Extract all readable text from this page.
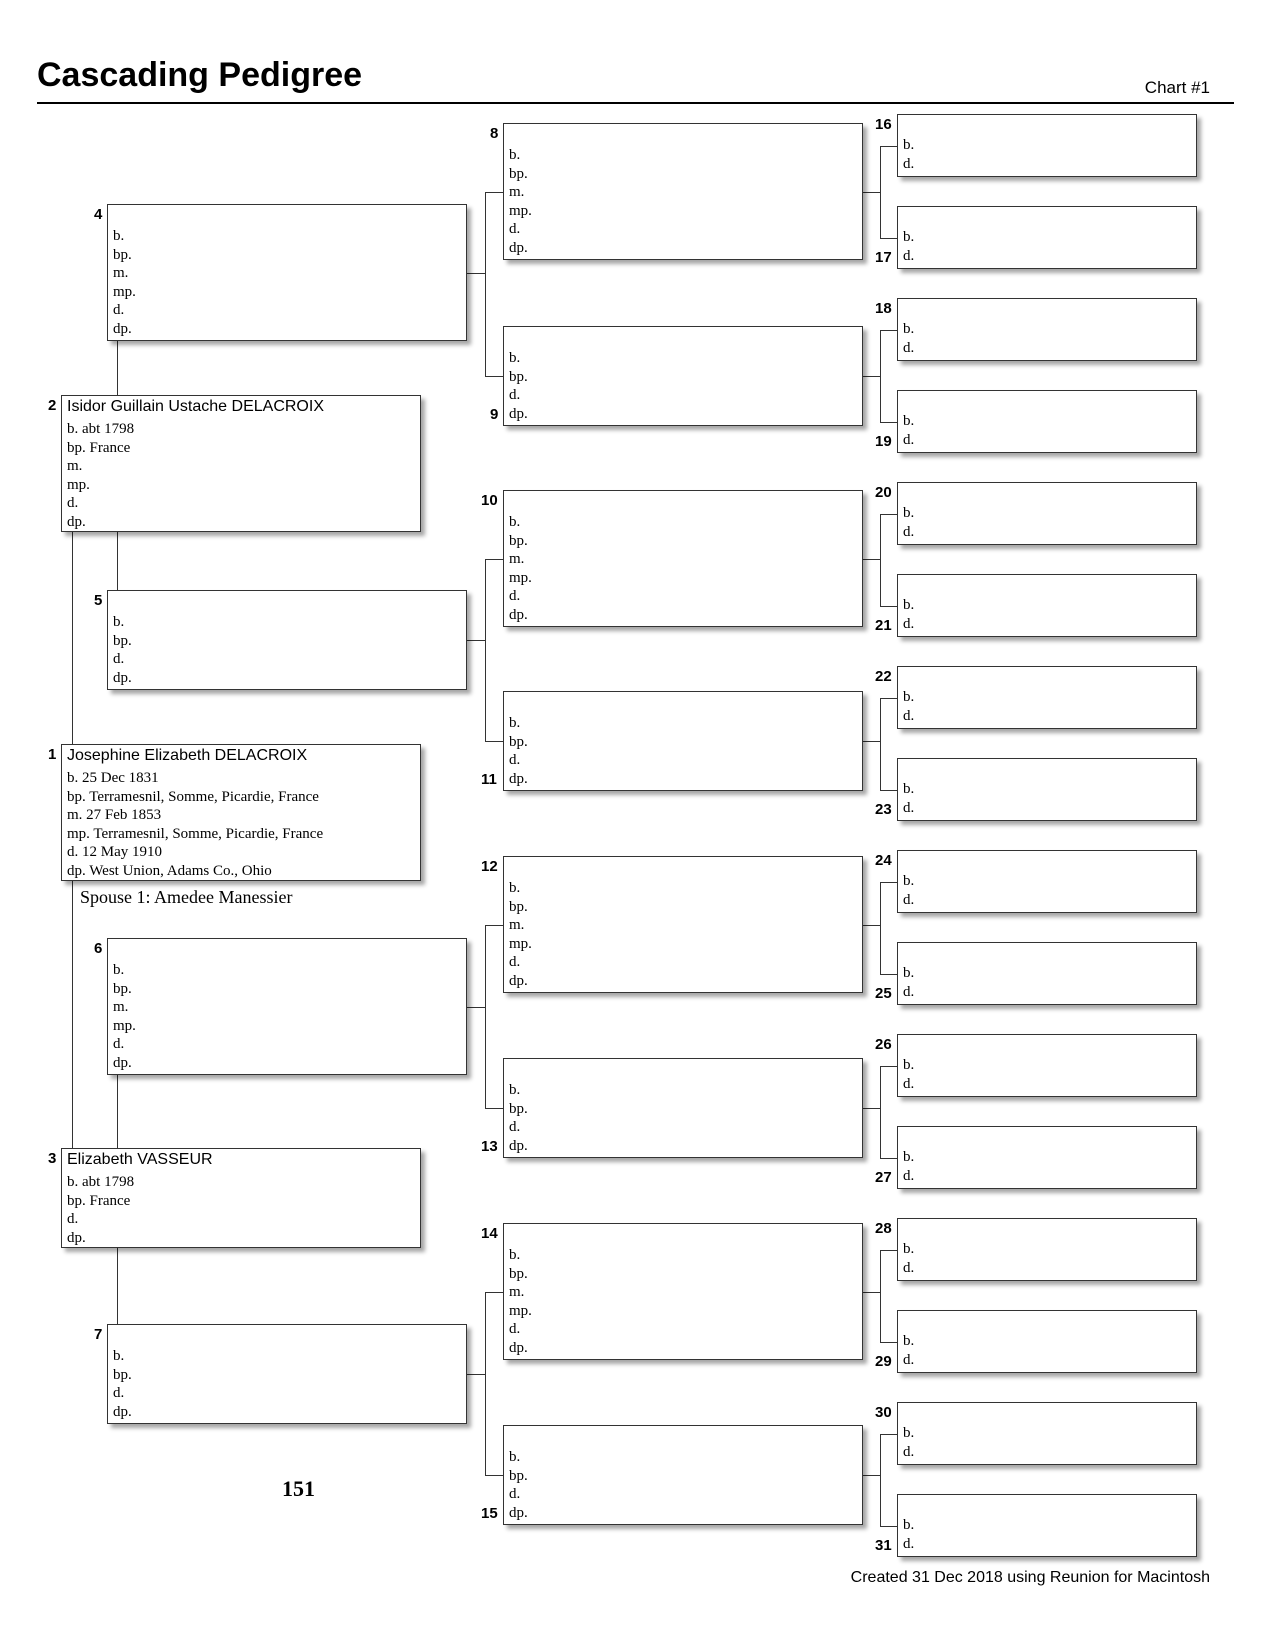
Cascading Pedigree	Chart #1
Josephine Elizabeth DELACROIX
b. 25 Dec 1831
bp. Terramesnil, Somme, Picardie, France
m. 27 Feb 1853
mp. Terramesnil, Somme, Picardie, France
d. 12 May 1910
dp. West Union, Adams Co., Ohio
1
Isidor Guillain Ustache DELACROIX
b. abt 1798
bp. France
m.
mp.
d.
dp.
2
Elizabeth VASSEUR
b. abt 1798
bp. France
d.
dp.
3
b.
bp.
m.
mp.
d.
dp.
4
b.
bp.
d.
dp.
5
b.
bp.
m.
mp.
d.
dp.
6
b.
bp.
d.
dp.
7
b.
bp.
m.
mp.
d.
dp.
8
b.
bp.
d.
dp.
9
b.
bp.
m.
mp.
d.
dp.
10
b.
bp.
d.
dp.
11
b.
bp.
m.
mp.
d.
dp.
12
b.
bp.
d.
dp.
13
b.
bp.
m.
mp.
d.
dp.
14
b.
bp.
d.
dp.
15
b.
d.
16
b.
d.
17
b.
d.
18
b.
d.
19
b.
d.
20
b.
d.
21
b.
d.
22
b.
d.
23
b.
d.
24
b.
d.
25
b.
d.
26
b.
d.
27
b.
d.
28
b.
d.
29
b.
d.
30
b.
d.
31
Spouse 1: Amedee Manessier
151
Created 31 Dec 2018 using Reunion for Macintosh
